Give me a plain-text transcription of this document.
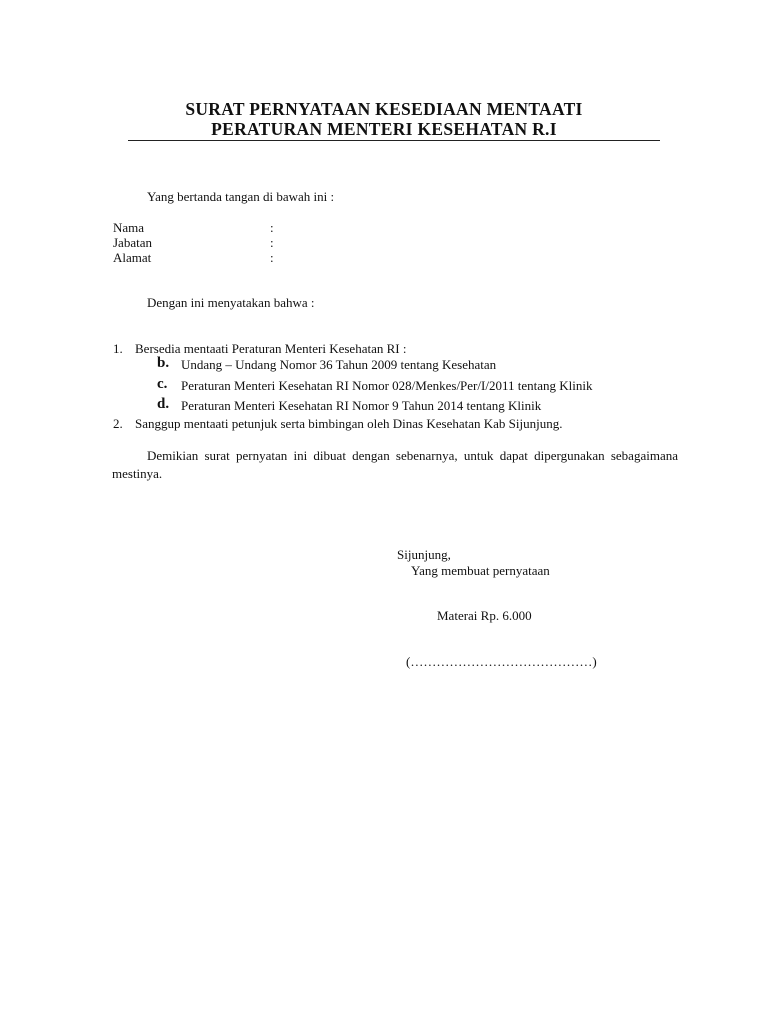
SURAT PERNYATAAN KESEDIAAN MENTAATI
PERATURAN MENTERI KESEHATAN R.I
Yang bertanda tangan di bawah ini :
Nama	:
Jabatan	:
Alamat	:
Dengan ini menyatakan bahwa :
1. Bersedia mentaati Peraturan Menteri Kesehatan RI :
b. Undang – Undang Nomor 36 Tahun 2009 tentang Kesehatan
c. Peraturan Menteri Kesehatan RI Nomor 028/Menkes/Per/I/2011 tentang Klinik
d. Peraturan Menteri Kesehatan RI Nomor 9 Tahun 2014 tentang Klinik
2. Sanggup mentaati petunjuk serta bimbingan oleh Dinas Kesehatan Kab Sijunjung.
Demikian surat pernyatan ini dibuat dengan sebenarnya, untuk dapat dipergunakan sebagaimana mestinya.
Sijunjung,
Yang membuat pernyataan
Materai Rp. 6.000
(……………………………………)
